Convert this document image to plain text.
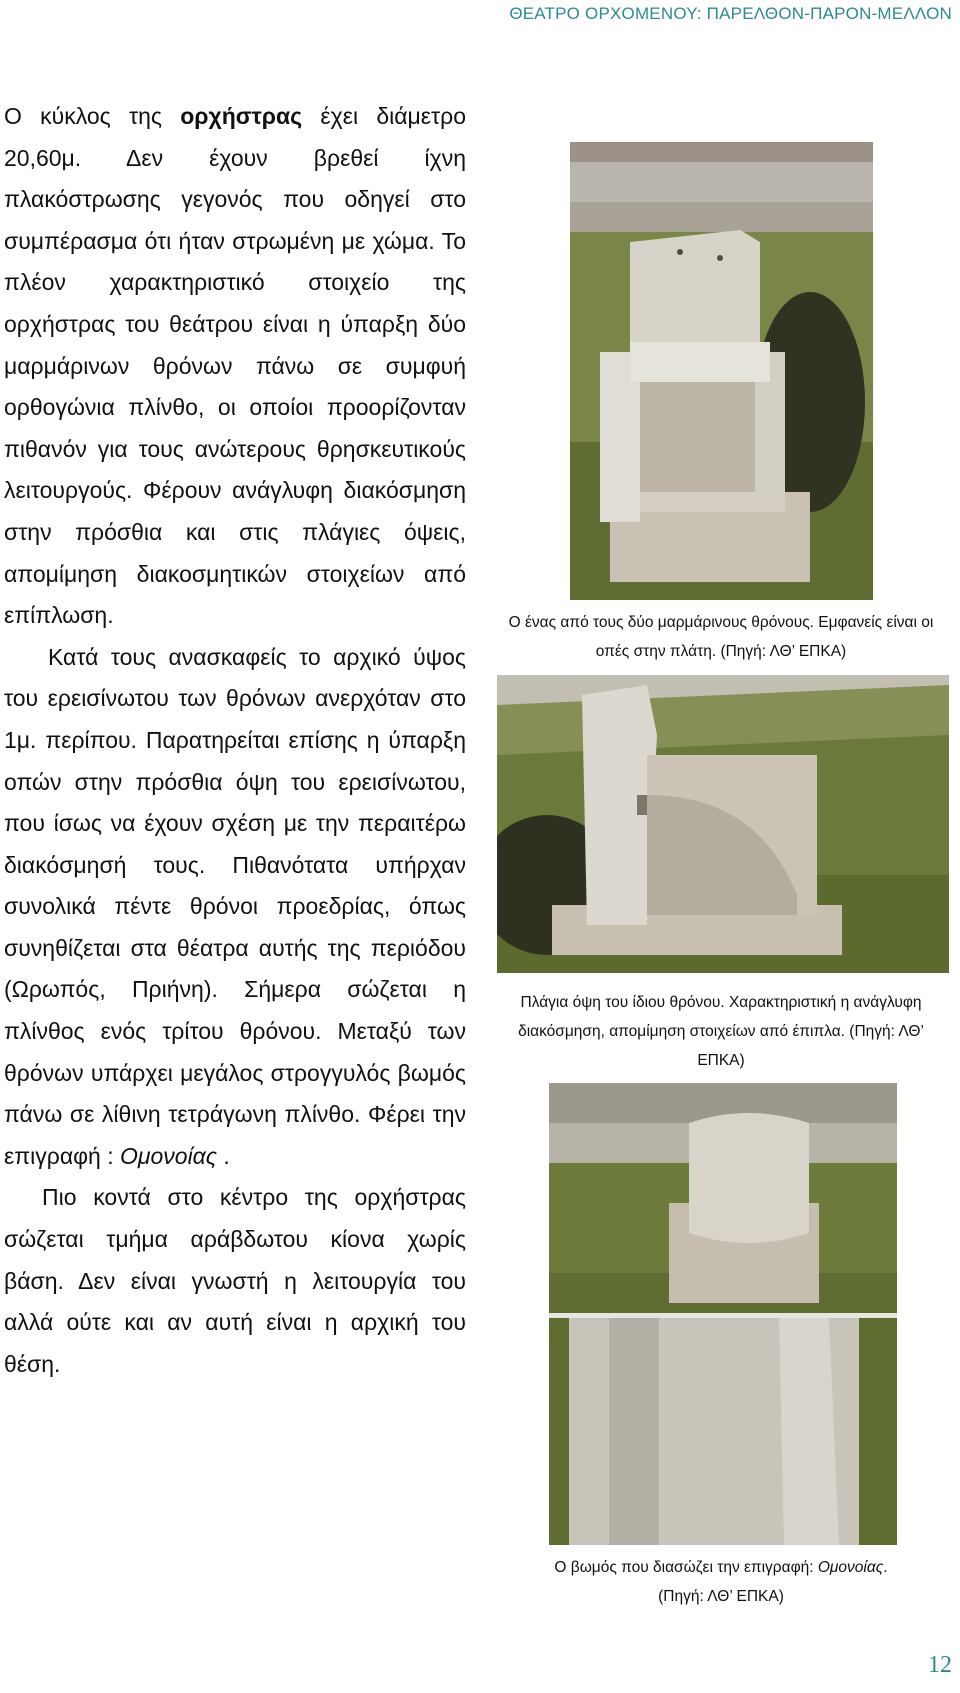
ΘΕΑΤΡΟ ΟΡΧΟΜΕΝΟΥ: ΠΑΡΕΛΘΟΝ-ΠΑΡΟΝ-ΜΕΛΛΟΝ

Ο κύκλος της ορχήστρας έχει διάμετρο 20,60μ. Δεν έχουν βρεθεί ίχνη πλακόστρωσης γεγονός που οδηγεί στο συμπέρασμα ότι ήταν στρωμένη με χώμα. Το πλέον χαρακτηριστικό στοιχείο της ορχήστρας του θεάτρου είναι η ύπαρξη δύο μαρμάρινων θρόνων πάνω σε συμφυή ορθογώνια πλίνθο, οι οποίοι προορίζονταν πιθανόν για τους ανώτερους θρησκευτικούς λειτουργούς. Φέρουν ανάγλυφη διακόσμηση στην πρόσθια και στις πλάγιες όψεις, απομίμηση διακοσμητικών στοιχείων από επίπλωση.

Κατά τους ανασκαφείς το αρχικό ύψος του ερεισίνωτου των θρόνων ανερχόταν στο 1μ. περίπου. Παρατηρείται επίσης η ύπαρξη οπών στην πρόσθια όψη του ερεισίνωτου, που ίσως να έχουν σχέση με την περαιτέρω διακόσμησή τους. Πιθανότατα υπήρχαν συνολικά πέντε θρόνοι προεδρίας, όπως συνηθίζεται στα θέατρα αυτής της περιόδου (Ωρωπός, Πριήνη). Σήμερα σώζεται η πλίνθος ενός τρίτου θρόνου. Μεταξύ των θρόνων υπάρχει μεγάλος στρογγυλός βωμός πάνω σε λίθινη τετράγωνη πλίνθο. Φέρει την επιγραφή : Ομονοίας .

Πιο κοντά στο κέντρο της ορχήστρας σώζεται τμήμα αράβδωτου κίονα χωρίς βάση. Δεν είναι γνωστή η λειτουργία του αλλά ούτε και αν αυτή είναι η αρχική του θέση.

Ο ένας από τους δύο μαρμάρινους θρόνους. Εμφανείς είναι οι οπές στην πλάτη. (Πηγή: ΛΘ’ ΕΠΚΑ)
Πλάγια όψη του ίδιου θρόνου. Χαρακτηριστική η ανάγλυφη διακόσμηση, απομίμηση στοιχείων από έπιπλα. (Πηγή: ΛΘ’ ΕΠΚΑ)
Ο βωμός που διασώζει την επιγραφή: Ομονοίας.
(Πηγή: ΛΘ’ ΕΠΚΑ)
12
